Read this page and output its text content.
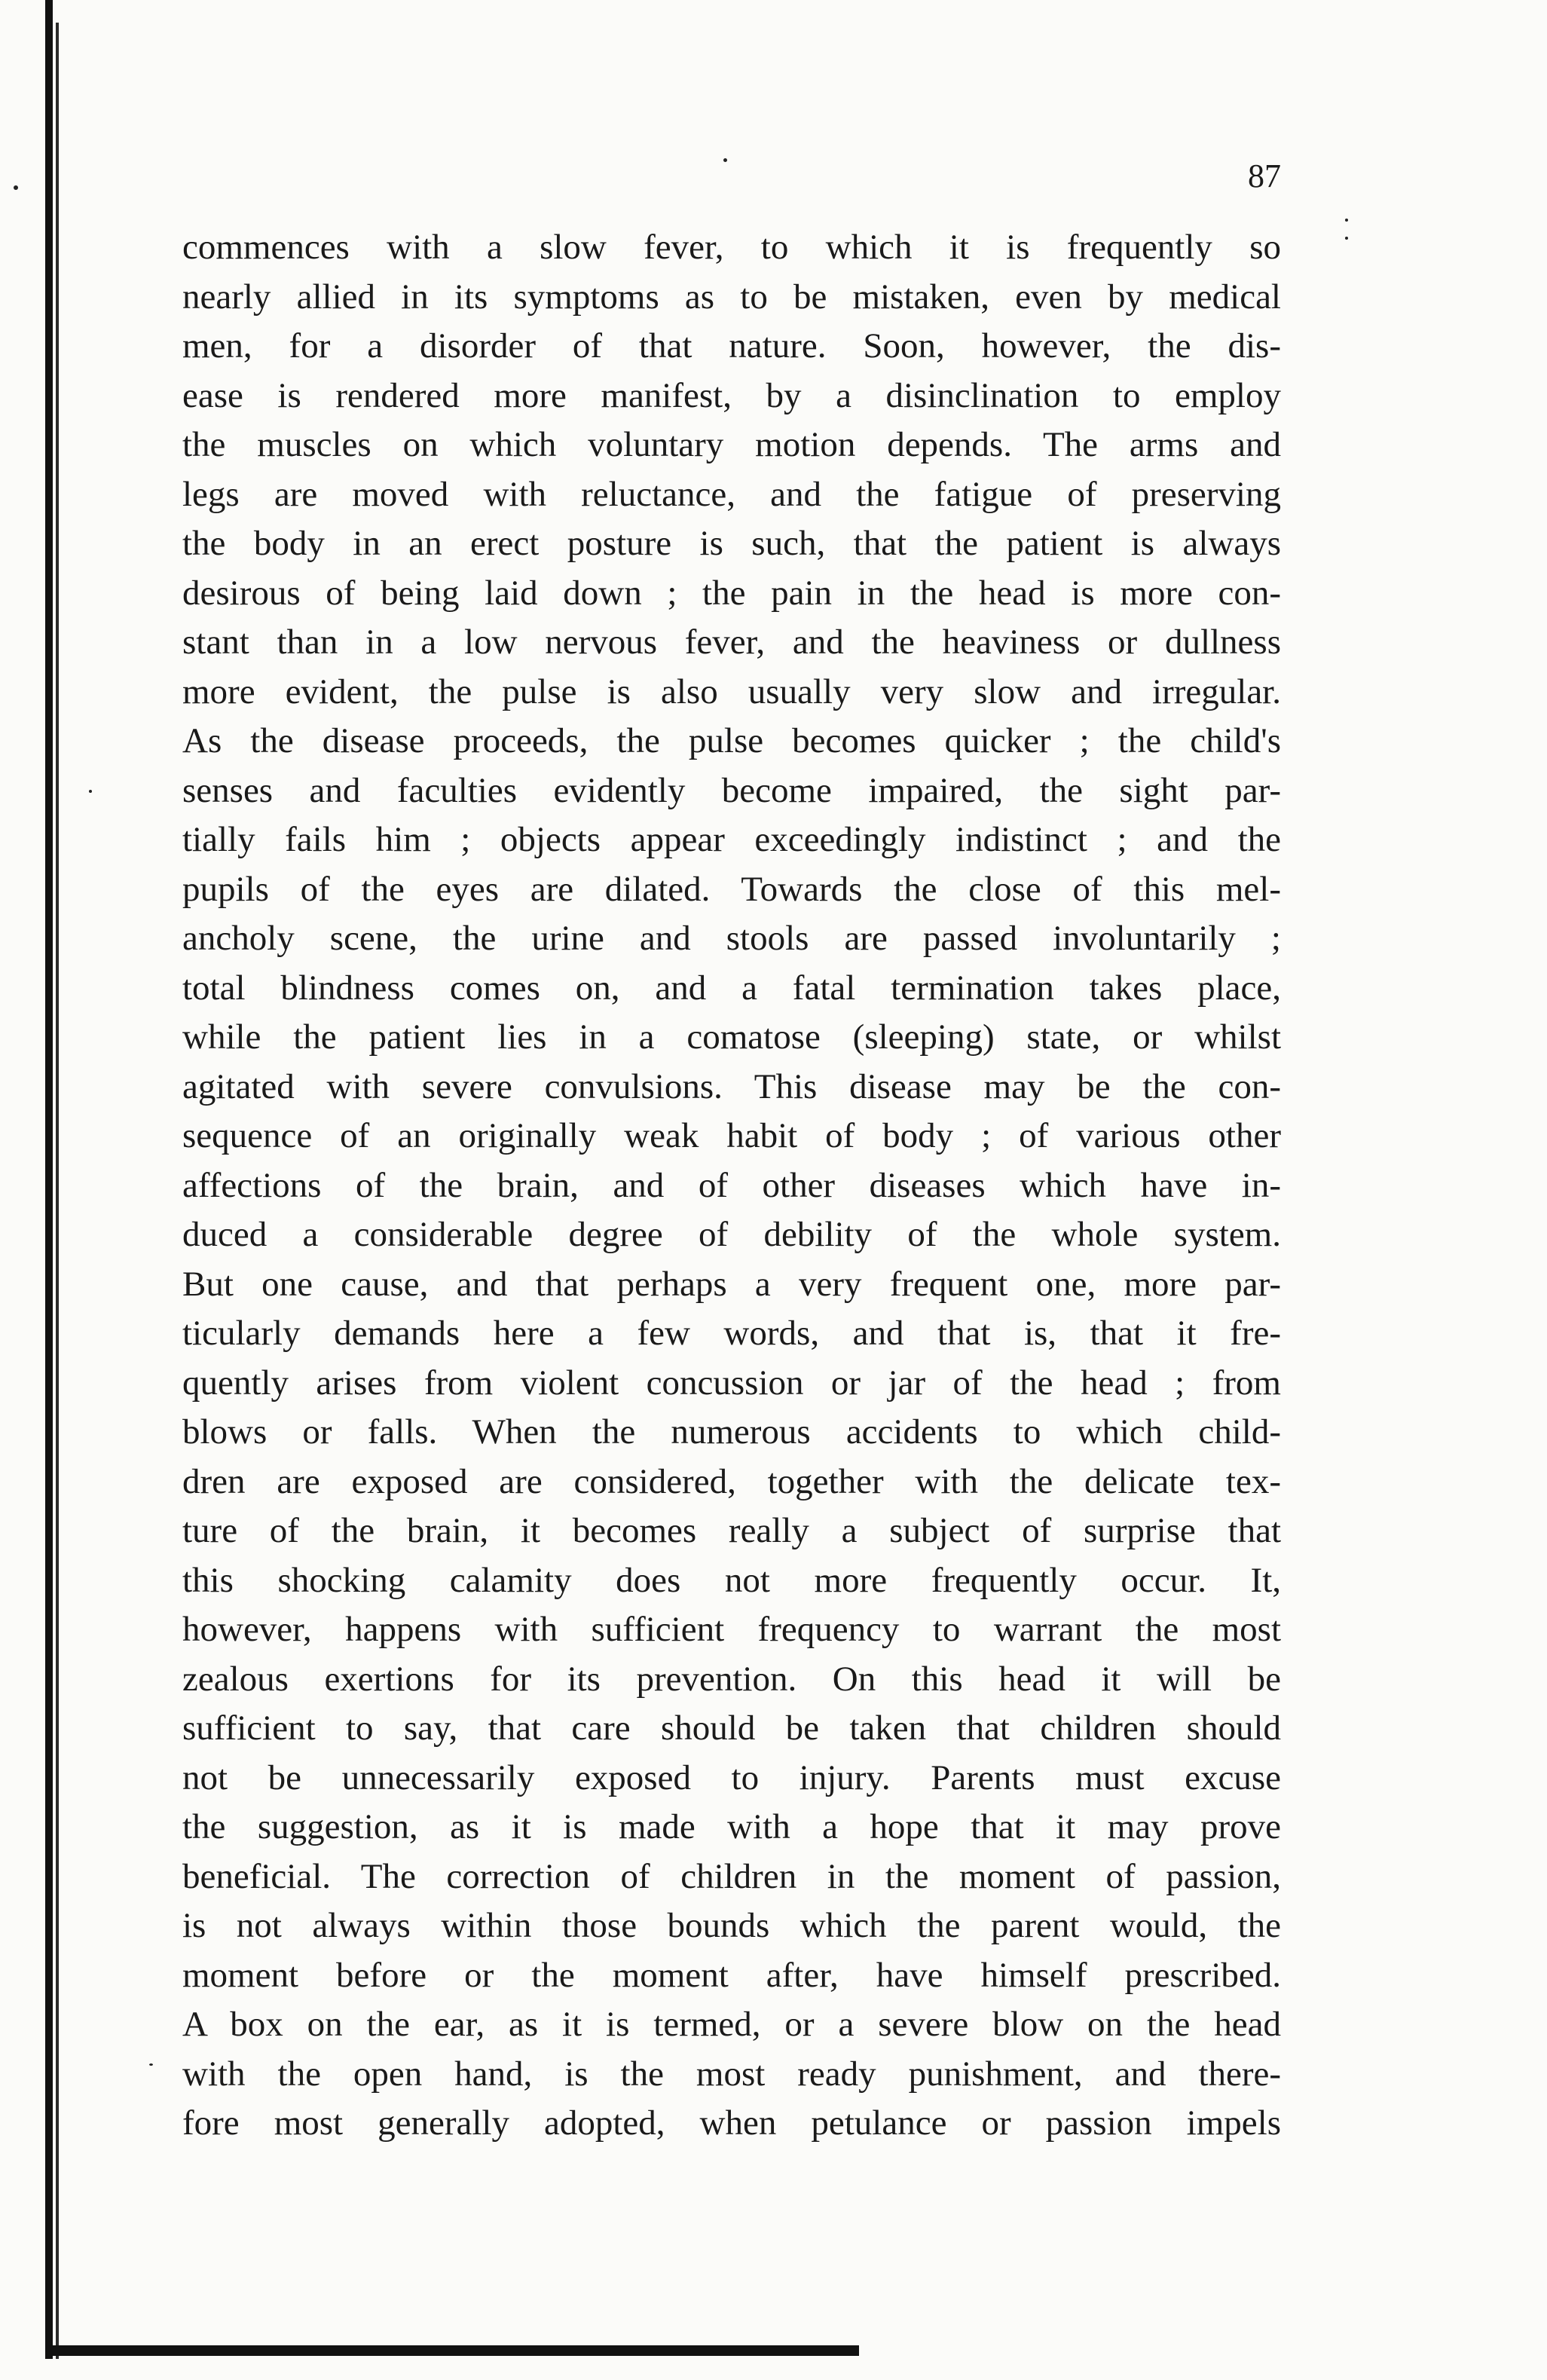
87
commences with a slow fever, to which it is frequently so
nearly allied in its symptoms as to be mistaken, even by medical
men, for a disorder of that nature. Soon, however, the dis-
ease is rendered more manifest, by a disinclination to employ
the muscles on which voluntary motion depends. The arms and
legs are moved with reluctance, and the fatigue of preserving
the body in an erect posture is such, that the patient is always
desirous of being laid down ; the pain in the head is more con-
stant than in a low nervous fever, and the heaviness or dullness
more evident, the pulse is also usually very slow and irregular.
As the disease proceeds, the pulse becomes quicker ; the child's
senses and faculties evidently become impaired, the sight par-
tially fails him ; objects appear exceedingly indistinct ; and the
pupils of the eyes are dilated. Towards the close of this mel-
ancholy scene, the urine and stools are passed involuntarily ;
total blindness comes on, and a fatal termination takes place,
while the patient lies in a comatose (sleeping) state, or whilst
agitated with severe convulsions. This disease may be the con-
sequence of an originally weak habit of body ; of various other
affections of the brain, and of other diseases which have in-
duced a considerable degree of debility of the whole system.
But one cause, and that perhaps a very frequent one, more par-
ticularly demands here a few words, and that is, that it fre-
quently arises from violent concussion or jar of the head ; from
blows or falls. When the numerous accidents to which child-
dren are exposed are considered, together with the delicate tex-
ture of the brain, it becomes really a subject of surprise that
this shocking calamity does not more frequently occur. It,
however, happens with sufficient frequency to warrant the most
zealous exertions for its prevention. On this head it will be
sufficient to say, that care should be taken that children should
not be unnecessarily exposed to injury. Parents must excuse
the suggestion, as it is made with a hope that it may prove
beneficial. The correction of children in the moment of passion,
is not always within those bounds which the parent would, the
moment before or the moment after, have himself prescribed.
A box on the ear, as it is termed, or a severe blow on the head
with the open hand, is the most ready punishment, and there-
fore most generally adopted, when petulance or passion impels
